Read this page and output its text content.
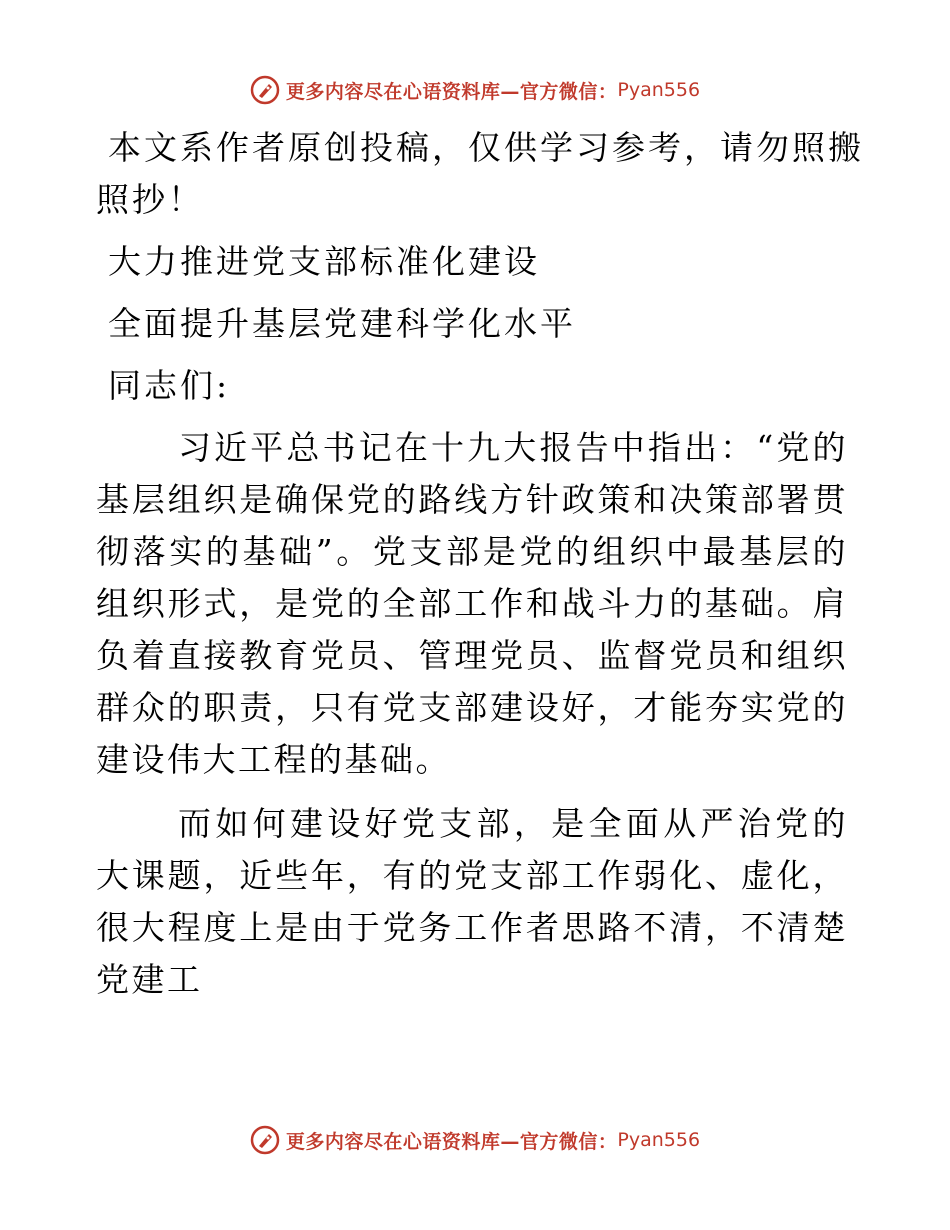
更多内容尽在心语资料库—官方微信： Pyan556
本文系作者原创投稿，仅供学习参考，请勿照搬
照抄！
大力推进党支部标准化建设
全面提升基层党建科学化水平
同志们:

习近平总书记在十九大报告中指出：“党的基层组织是确保党的路线方针政策和决策部署贯彻落实的基础”。党支部是党的组织中最基层的组织形式，是党的全部工作和战斗力的基础。肩负着直接教育党员、管理党员、监督党员和组织群众的职责，只有党支部建设好，才能夯实党的建设伟大工程的基础。

而如何建设好党支部，是全面从严治党的大课题，近些年，有的党支部工作弱化、虚化，很大程度上是由于党务工作者思路不清，不清楚党建工

更多内容尽在心语资料库—官方微信： Pyan556
